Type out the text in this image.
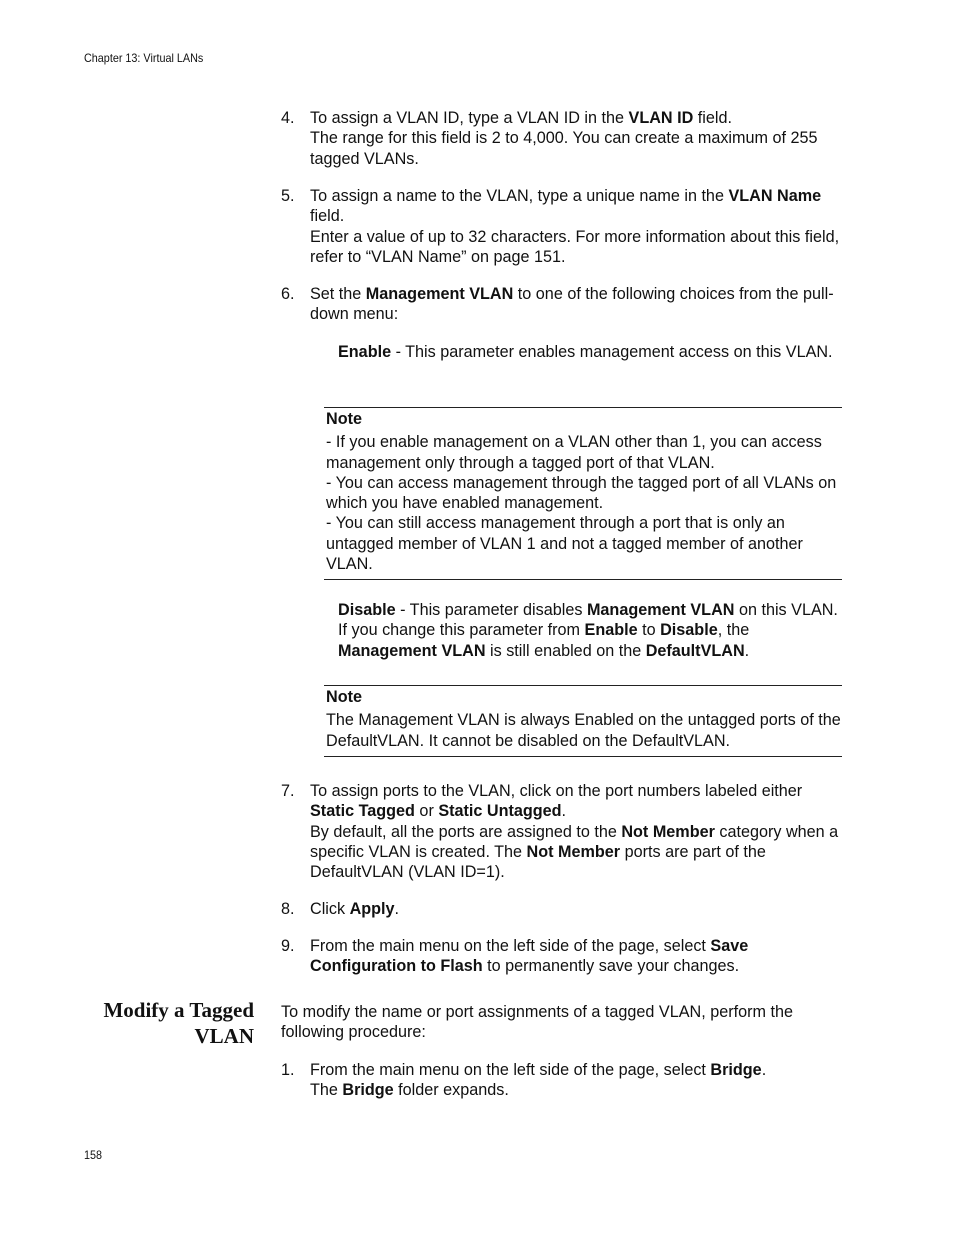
Chapter 13: Virtual LANs
4. To assign a VLAN ID, type a VLAN ID in the VLAN ID field.
The range for this field is 2 to 4,000. You can create a maximum of 255 tagged VLANs.
5. To assign a name to the VLAN, type a unique name in the VLAN Name field.
Enter a value of up to 32 characters. For more information about this field, refer to “VLAN Name” on page 151.
6. Set the Management VLAN to one of the following choices from the pull-down menu:
Enable - This parameter enables management access on this VLAN.
Note
- If you enable management on a VLAN other than 1, you can access management only through a tagged port of that VLAN.
- You can access management through the tagged port of all VLANs on which you have enabled management.
- You can still access management through a port that is only an untagged member of VLAN 1 and not a tagged member of another VLAN.
Disable - This parameter disables Management VLAN on this VLAN. If you change this parameter from Enable to Disable, the Management VLAN is still enabled on the DefaultVLAN.
Note
The Management VLAN is always Enabled on the untagged ports of the DefaultVLAN. It cannot be disabled on the DefaultVLAN.
7. To assign ports to the VLAN, click on the port numbers labeled either Static Tagged or Static Untagged.
By default, all the ports are assigned to the Not Member category when a specific VLAN is created. The Not Member ports are part of the DefaultVLAN (VLAN ID=1).
8. Click Apply.
9. From the main menu on the left side of the page, select Save Configuration to Flash to permanently save your changes.
Modify a Tagged
VLAN
To modify the name or port assignments of a tagged VLAN, perform the following procedure:
1. From the main menu on the left side of the page, select Bridge.
The Bridge folder expands.
158
